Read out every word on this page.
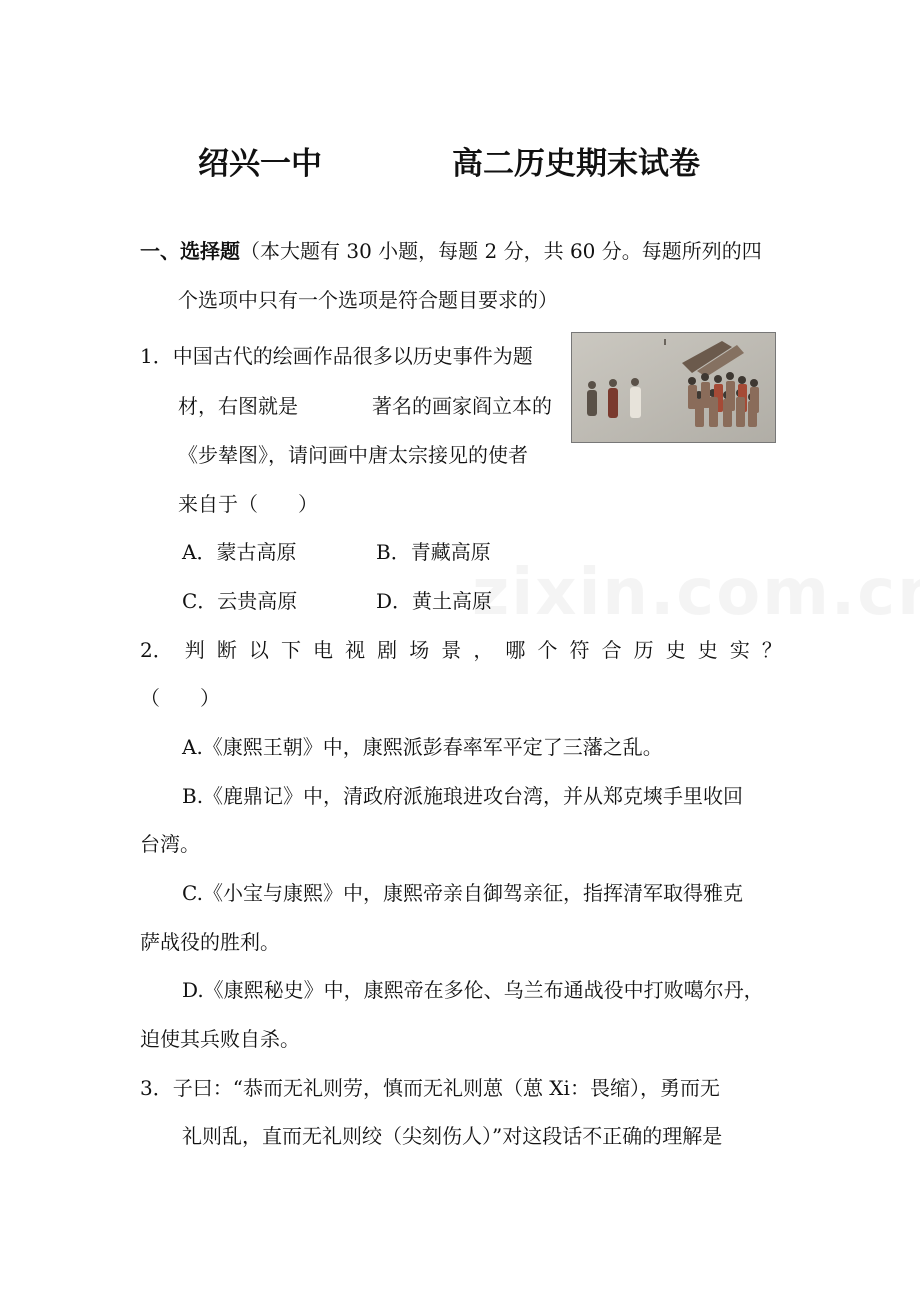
绍兴一中	高二历史期末试卷
一、选择题（本大题有 30 小题，每题 2 分，共 60 分。每题所列的四
个选项中只有一个选项是符合题目要求的）
1．中国古代的绘画作品很多以历史事件为题
材，右图就是	著名的画家阎立本的
《步辇图》，请问画中唐太宗接见的使者
来自于（　　）
A．蒙古高原	B．青藏高原
C．云贵高原	D．黄土高原
2． 判 断 以 下 电 视 剧 场 景 ， 哪 个 符 合 历 史 史 实 ？
（　　）
A.《康熙王朝》中，康熙派彭春率军平定了三藩之乱。
B.《鹿鼎记》中，清政府派施琅进攻台湾，并从郑克塽手里收回
台湾。
C.《小宝与康熙》中，康熙帝亲自御驾亲征，指挥清军取得雅克
萨战役的胜利。
D.《康熙秘史》中，康熙帝在多伦、乌兰布通战役中打败噶尔丹，
迫使其兵败自杀。
3．子曰：“恭而无礼则劳，慎而无礼则葸（葸 Xi：畏缩），勇而无
礼则乱，直而无礼则绞（尖刻伤人）”对这段话不正确的理解是
